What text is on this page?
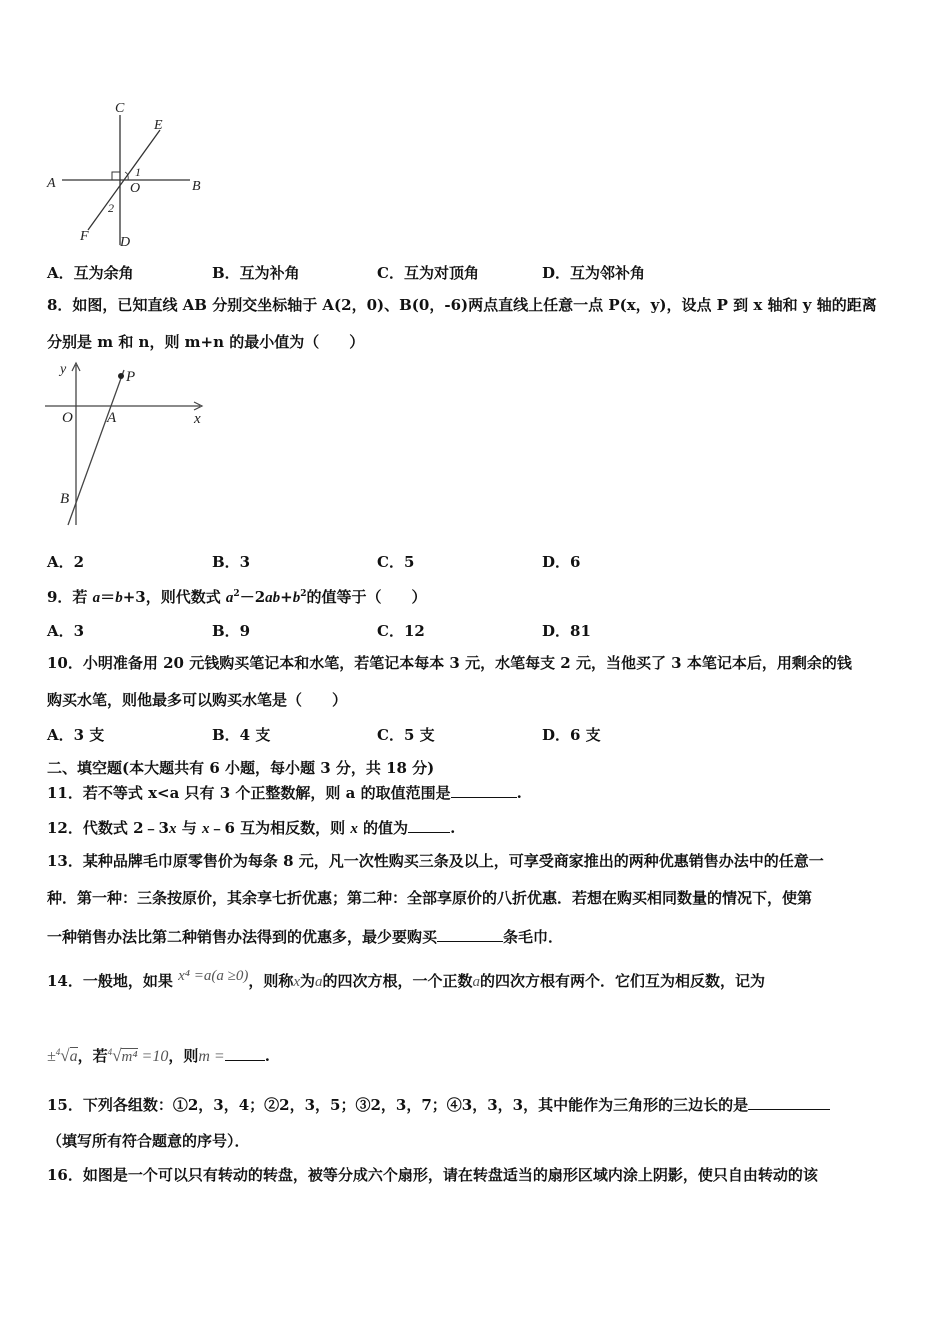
C
E
A
1
O	B
2
F D
A．互为余角	B．互为补角	C．互为对顶角	D．互为邻补角
8．如图，已知直线 AB 分别交坐标轴于 A(2，0)、B(0，-6)两点直线上任意一点 P(x，y)，设点 P 到 x 轴和 y 轴的距离
分别是 m 和 n，则 m+n 的最小值为（　　）
y	P
O A	x
B
A．2	B．3	C．5	D．6
9．若 a＝b+3，则代数式 $a^2-2ab+b^2$的值等于（　　）
A．3	B．9	C．12	D．81
10．小明准备用 20 元钱购买笔记本和水笔，若笔记本每本 3 元，水笔每支 2 元，当他买了 3 本笔记本后，用剩余的钱
购买水笔，则他最多可以购买水笔是（　　）
A．3 支	B．4 支	C．5 支	D．6 支
二、填空题(本大题共有 6 小题，每小题 3 分，共 18 分)
11．若不等式 x<a 只有 3 个正整数解，则 a 的取值范围是	.
12．代数式 2﹣3x 与 x﹣6 互为相反数，则 x 的值为	.
13．某种品牌毛巾原零售价为每条 8 元，凡一次性购买三条及以上，可享受商家推出的两种优惠销售办法中的任意一
种．第一种：三条按原价，其余享七折优惠；第二种：全部享原价的八折优惠．若想在购买相同数量的情况下，使第
一种销售办法比第二种销售办法得到的优惠多，最少要购买	条毛巾．
14．一般地，如果 x⁴ =a(a ≥0)，则称x为a的四次方根，一个正数a的四次方根有两个．它们互为相反数，记为
±$^4$√a，若$^4$√m⁴ =10，则m =	.
15．下列各组数：①2，3，4；②2，3，5；③2，3，7；④3，3，3，其中能作为三角形的三边长的是
（填写所有符合题意的序号）．
16．如图是一个可以只有转动的转盘，被等分成六个扇形，请在转盘适当的扇形区域内涂上阴影，使只自由转动的该
